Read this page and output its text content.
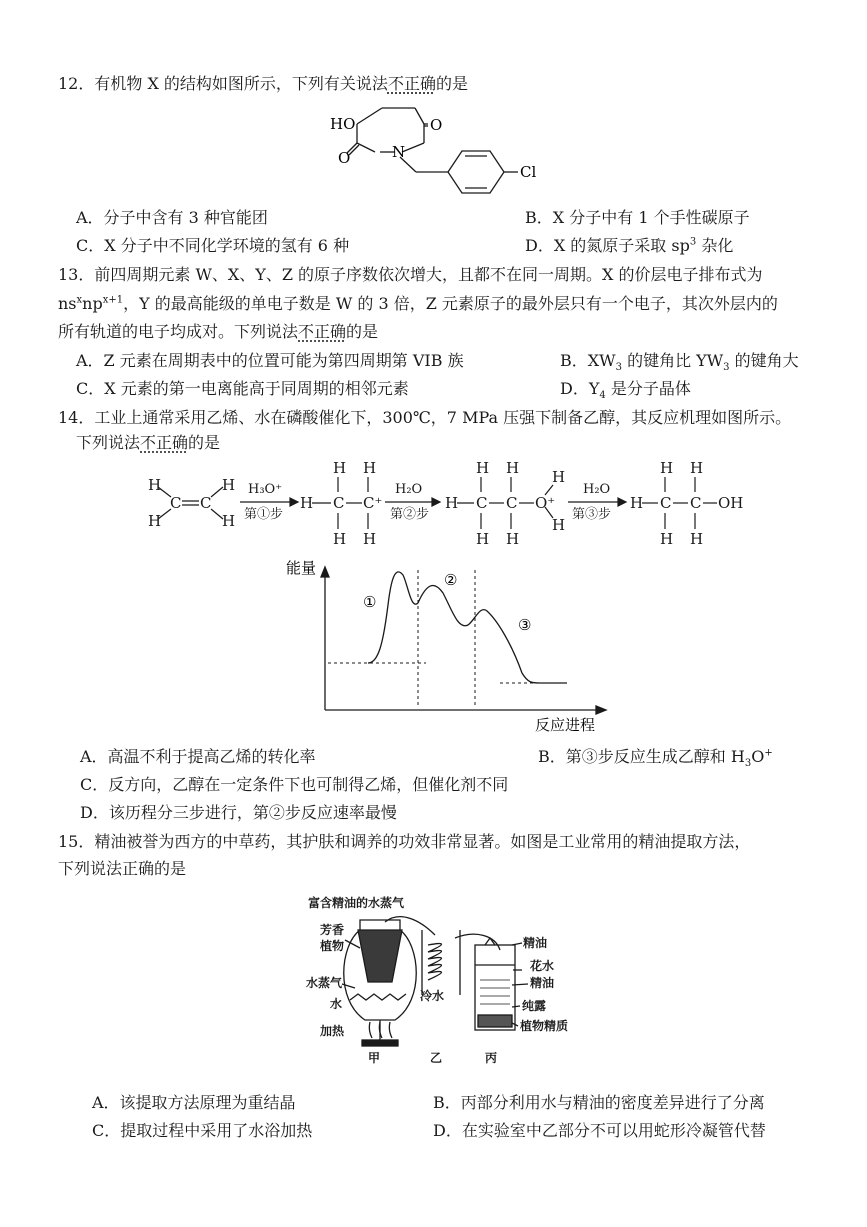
12．有机物 X 的结构如图所示，下列有关说法不正确的是
HO	O
O	N
Cl
A．分子中含有 3 种官能团	B．X 分子中有 1 个手性碳原子
C．X 分子中不同化学环境的氢有 6 种	D．X 的氮原子采取 $sp^3$ 杂化
13．前四周期元素 W、X、Y、Z 的原子序数依次增大，且都不在同一周期。X 的价层电子排布式为
$ns^xnp^{x+1}$，Y 的最高能级的单电子数是 W 的 3 倍，Z 元素原子的最外层只有一个电子，其次外层内的
所有轨道的电子均成对。下列说法不正确的是
A．Z 元素在周期表中的位置可能为第四周期第 VIB 族	B．$XW_3$ 的键角比 $YW_3$ 的键角大
C．X 元素的第一电离能高于同周期的相邻元素	D．$Y_4$ 是分子晶体
14．工业上通常采用乙烯、水在磷酸催化下，300℃，7 MPa 压强下制备乙醇，其反应机理如图所示。
下列说法不正确的是
H
H
C C
H
H
H₃O⁺
第①步
H
H
C
H
H
C⁺
H
H₂O
第②步
H
H
C
H
H
C
H
O⁺
H
H
H₂O
第③步
H
H
C
H
H
C
H
OH
能量
反应进程
①
②
③
A．高温不利于提高乙烯的转化率	B．第③步反应生成乙醇和 $H_3O^+$
C．反方向，乙醇在一定条件下也可制得乙烯，但催化剂不同
D．该历程分三步进行，第②步反应速率最慢
15．精油被誉为西方的中草药，其护肤和调养的功效非常显著。如图是工业常用的精油提取方法，
下列说法正确的是
富含精油的水蒸气
芳香
植物
水蒸气
水
加热
冷水
精油
花水
精油
纯露
植物精质
甲	乙	丙
A．该提取方法原理为重结晶	B．丙部分利用水与精油的密度差异进行了分离
C．提取过程中采用了水浴加热	D．在实验室中乙部分不可以用蛇形冷凝管代替
